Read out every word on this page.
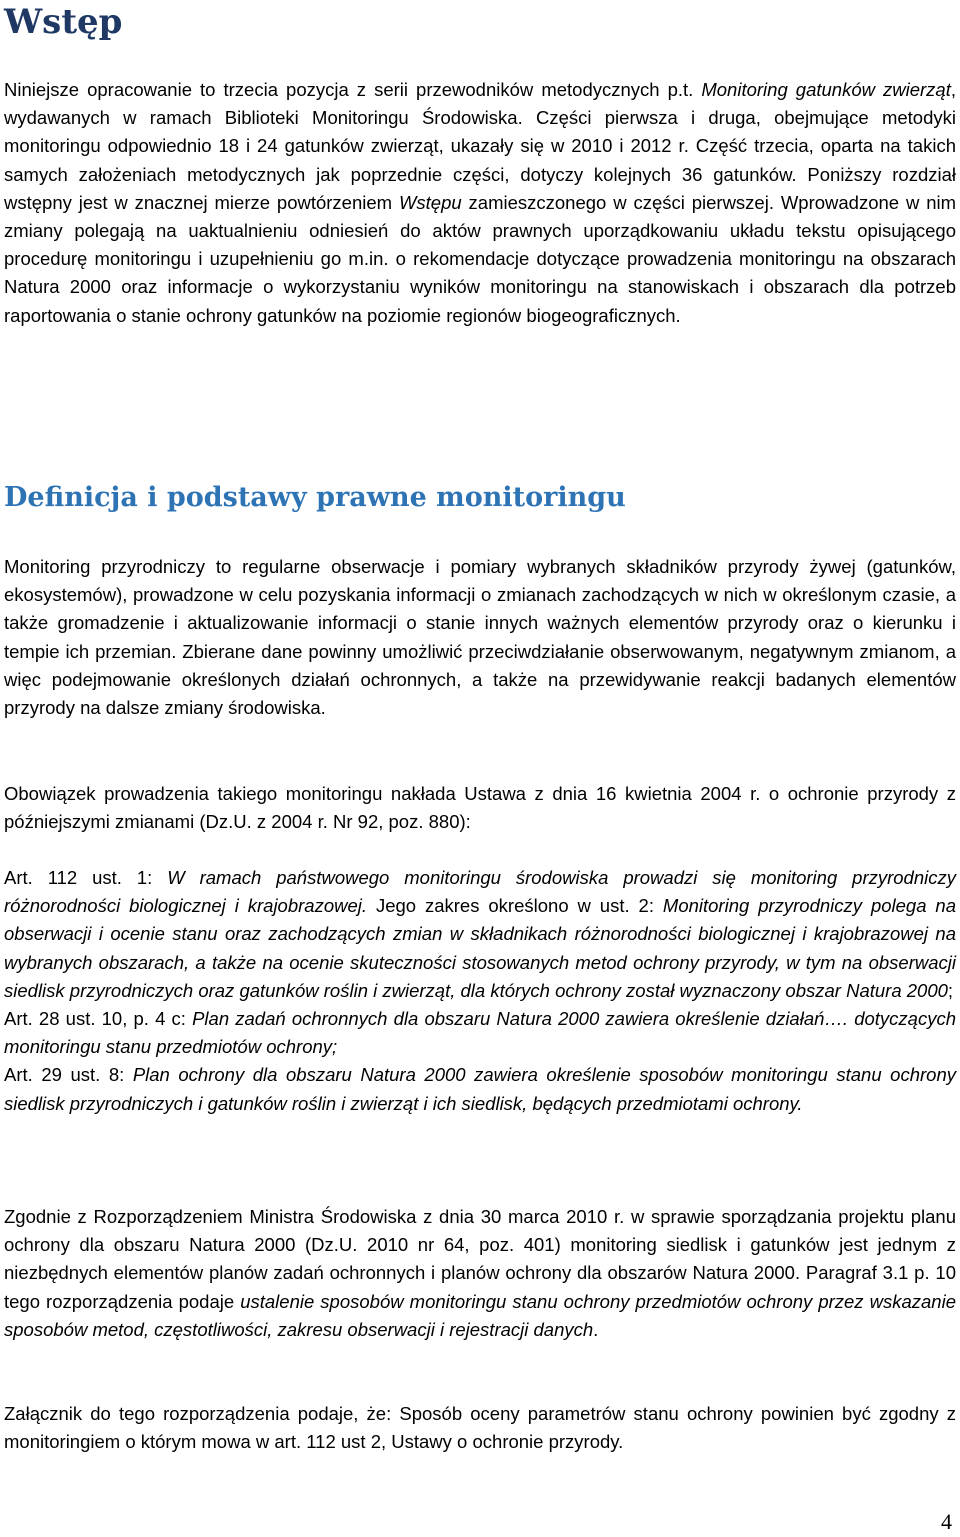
Wstęp

Niniejsze opracowanie to trzecia pozycja z serii przewodników metodycznych p.t. Monitoring gatunków zwierząt, wydawanych w ramach Biblioteki Monitoringu Środowiska. Części pierwsza i druga, obejmujące metodyki monitoringu odpowiednio 18 i 24 gatunków zwierząt, ukazały się w 2010 i 2012 r. Część trzecia, oparta na takich samych założeniach metodycznych jak poprzednie części, dotyczy kolejnych 36 gatunków. Poniższy rozdział wstępny jest w znacznej mierze powtórzeniem Wstępu zamieszczonego w części pierwszej. Wprowadzone w nim zmiany polegają na uaktualnieniu odniesień do aktów prawnych uporządkowaniu układu tekstu opisującego procedurę monitoringu i uzupełnieniu go m.in. o rekomendacje dotyczące prowadzenia monitoringu na obszarach Natura 2000 oraz informacje o wykorzystaniu wyników monitoringu na stanowiskach i obszarach dla potrzeb raportowania o stanie ochrony gatunków na poziomie regionów biogeograficznych.

Definicja i podstawy prawne monitoringu

Monitoring przyrodniczy to regularne obserwacje i pomiary wybranych składników przyrody żywej (gatunków, ekosystemów), prowadzone w celu pozyskania informacji o zmianach zachodzących w nich w określonym czasie, a także gromadzenie i aktualizowanie informacji o stanie innych ważnych elementów przyrody oraz o kierunku i tempie ich przemian. Zbierane dane powinny umożliwić przeciwdziałanie obserwowanym, negatywnym zmianom, a więc podejmowanie określonych działań ochronnych, a także na przewidywanie reakcji badanych elementów przyrody na dalsze zmiany środowiska.

Obowiązek prowadzenia takiego monitoringu nakłada Ustawa z dnia 16 kwietnia 2004 r. o ochronie przyrody z późniejszymi zmianami (Dz.U. z 2004 r. Nr 92, poz. 880):

Art. 112 ust. 1: W ramach państwowego monitoringu środowiska prowadzi się monitoring przyrodniczy różnorodności biologicznej i krajobrazowej. Jego zakres określono w ust. 2: Monitoring przyrodniczy polega na obserwacji i ocenie stanu oraz zachodzących zmian w składnikach różnorodności biologicznej i krajobrazowej na wybranych obszarach, a także na ocenie skuteczności stosowanych metod ochrony przyrody, w tym na obserwacji siedlisk przyrodniczych oraz gatunków roślin i zwierząt, dla których ochrony został wyznaczony obszar Natura 2000;
Art. 28 ust. 10, p. 4 c: Plan zadań ochronnych dla obszaru Natura 2000 zawiera określenie działań…. dotyczących monitoringu stanu przedmiotów ochrony;
Art. 29 ust. 8: Plan ochrony dla obszaru Natura 2000 zawiera określenie sposobów monitoringu stanu ochrony siedlisk przyrodniczych i gatunków roślin i zwierząt i ich siedlisk, będących przedmiotami ochrony.

Zgodnie z Rozporządzeniem Ministra Środowiska z dnia 30 marca 2010 r. w sprawie sporządzania projektu planu ochrony dla obszaru Natura 2000 (Dz.U. 2010 nr 64, poz. 401) monitoring siedlisk i gatunków jest jednym z niezbędnych elementów planów zadań ochronnych i planów ochrony dla obszarów Natura 2000. Paragraf 3.1 p. 10 tego rozporządzenia podaje ustalenie sposobów monitoringu stanu ochrony przedmiotów ochrony przez wskazanie sposobów metod, częstotliwości, zakresu obserwacji i rejestracji danych.

Załącznik do tego rozporządzenia podaje, że: Sposób oceny parametrów stanu ochrony powinien być zgodny z monitoringiem o którym mowa w art. 112 ust 2, Ustawy o ochronie przyrody.

4
